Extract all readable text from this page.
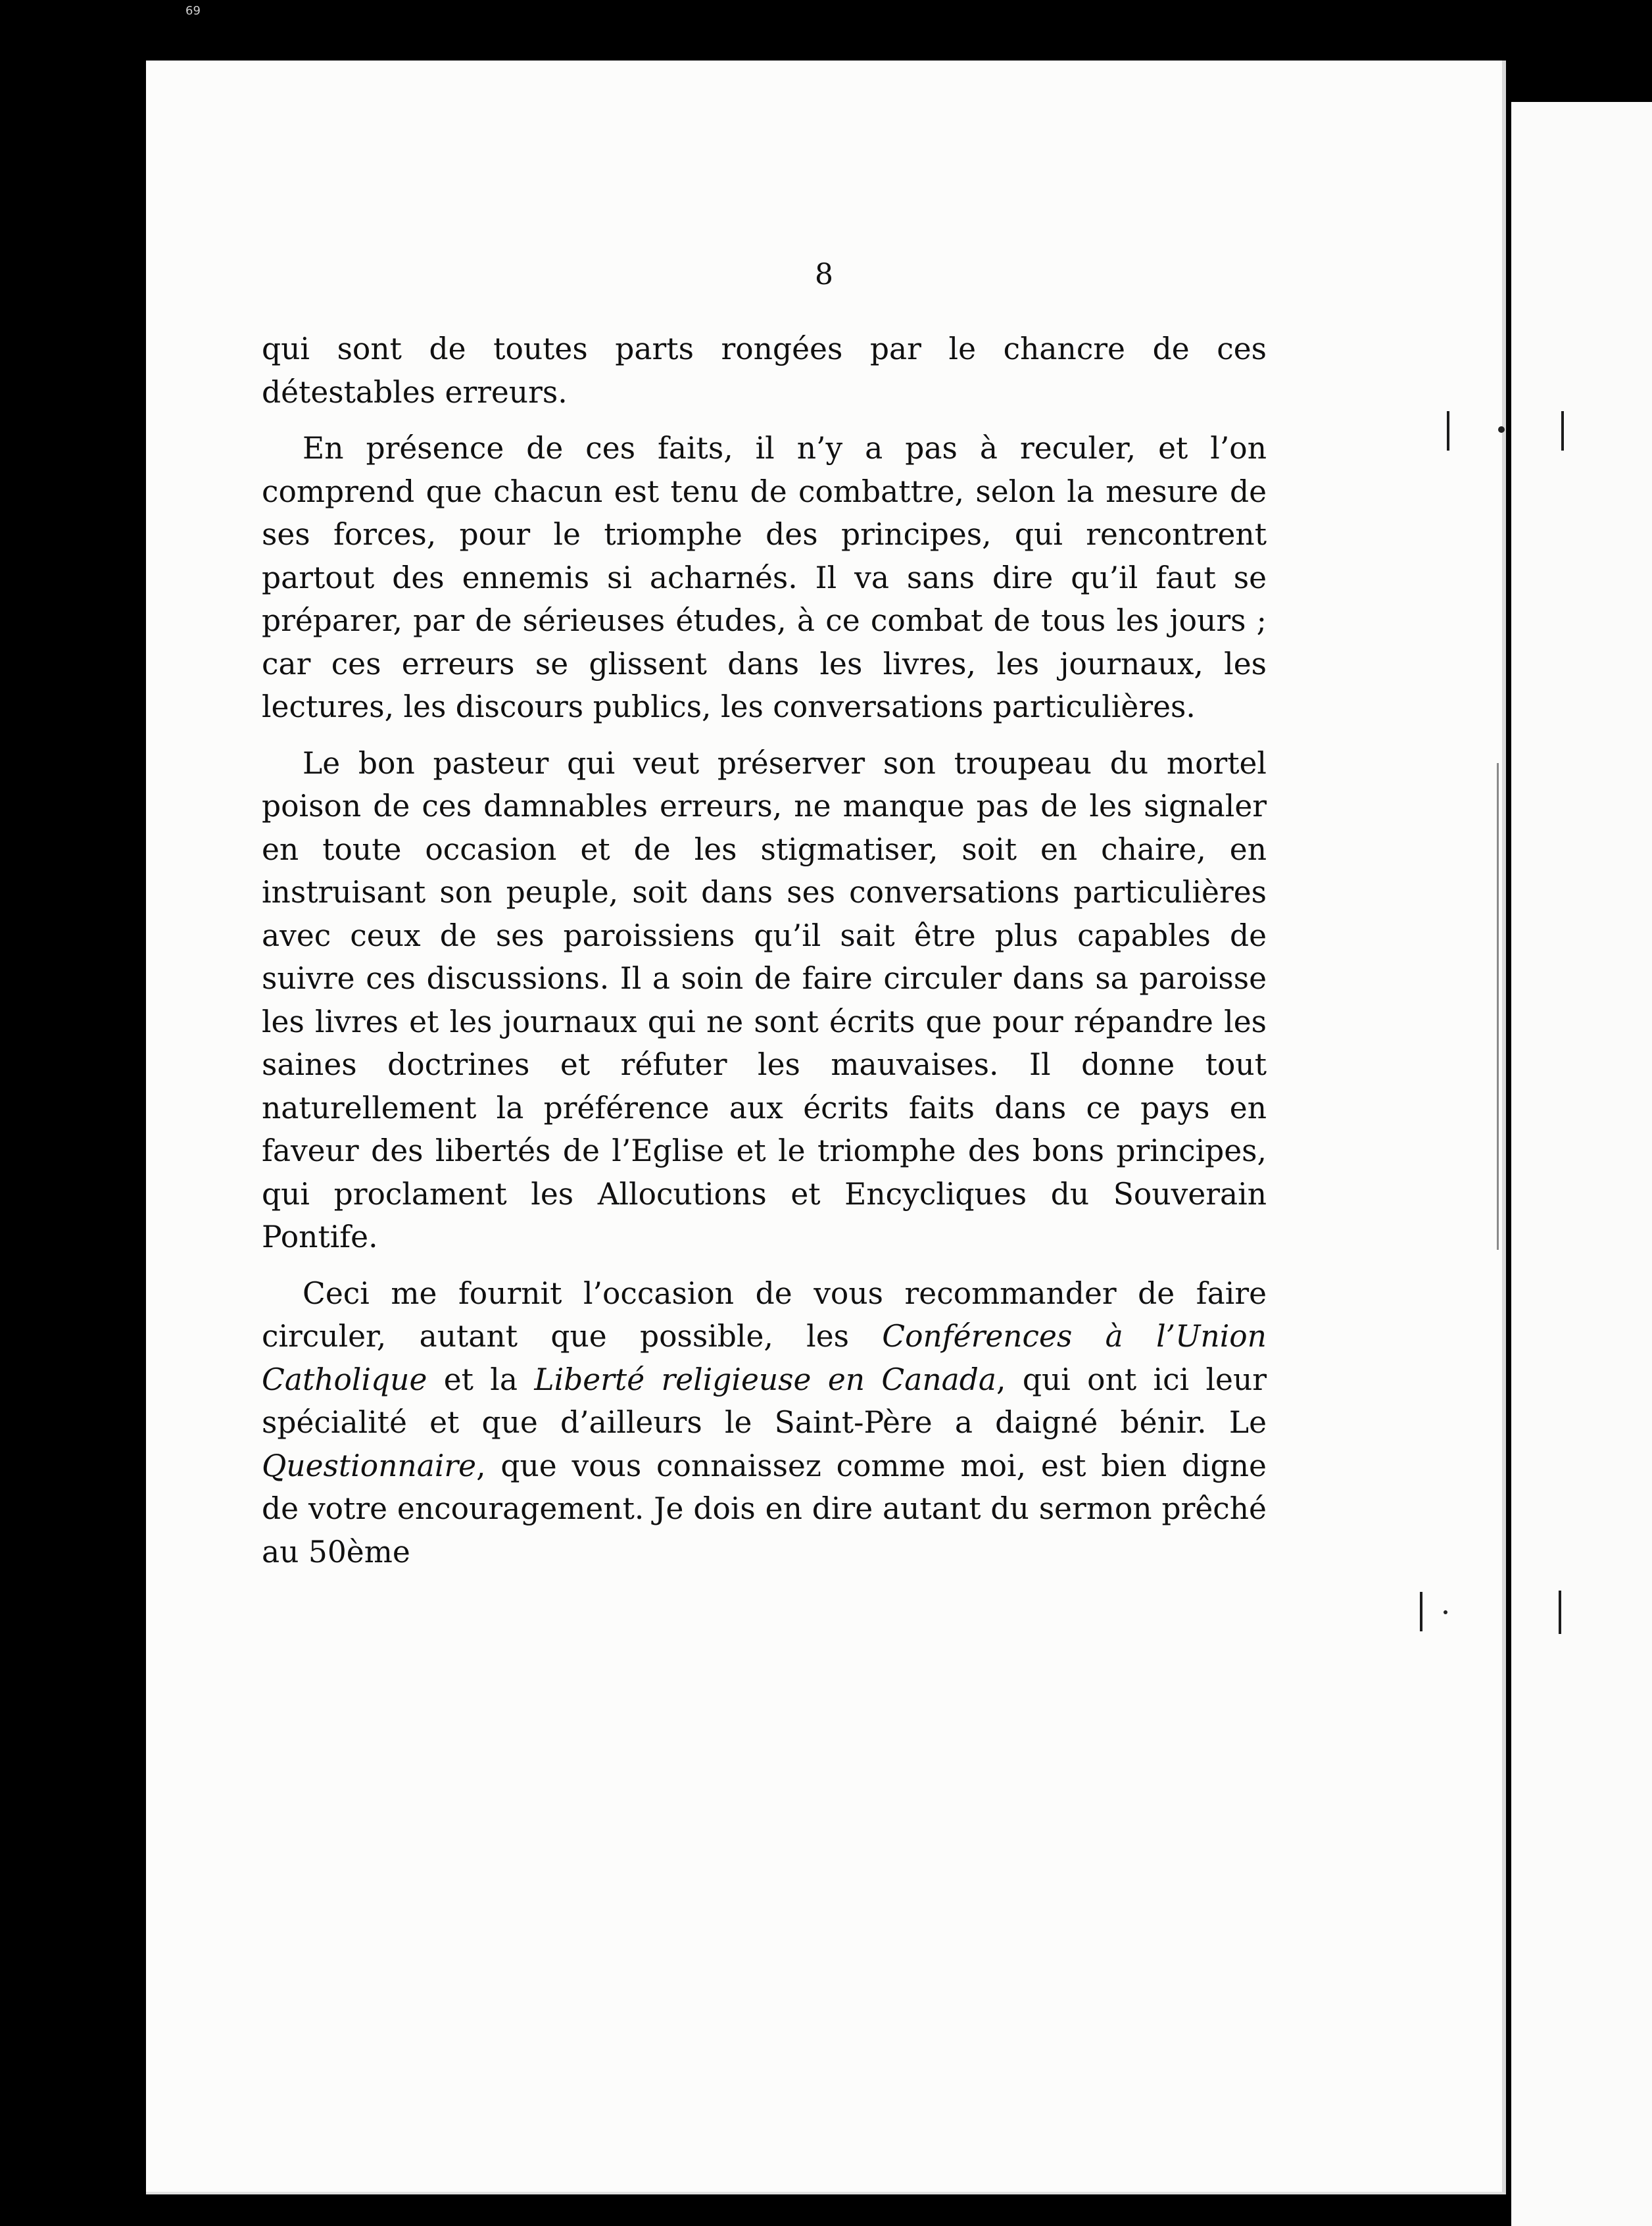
69
8

qui sont de toutes parts rongées par le chancre de ces détestables erreurs.

En présence de ces faits, il n’y a pas à reculer, et l’on comprend que chacun est tenu de combattre, selon la mesure de ses forces, pour le triomphe des principes, qui rencontrent partout des ennemis si acharnés. Il va sans dire qu’il faut se préparer, par de sérieuses études, à ce combat de tous les jours ; car ces erreurs se glissent dans les livres, les journaux, les lectures, les discours publics, les conversations particulières.

Le bon pasteur qui veut préserver son troupeau du mortel poison de ces damnables erreurs, ne manque pas de les signaler en toute occasion et de les stigmatiser, soit en chaire, en instruisant son peuple, soit dans ses conversations particulières avec ceux de ses paroissiens qu’il sait être plus capables de suivre ces discussions. Il a soin de faire circuler dans sa paroisse les livres et les journaux qui ne sont écrits que pour répandre les saines doctrines et réfuter les mauvaises. Il donne tout naturellement la préférence aux écrits faits dans ce pays en faveur des libertés de l’Eglise et le triomphe des bons principes, qui proclament les Allocutions et Encycliques du Souverain Pontife.

Ceci me fournit l’occasion de vous recommander de faire circuler, autant que possible, les Conférences à l’Union Catholique et la Liberté religieuse en Canada, qui ont ici leur spécialité et que d’ailleurs le Saint-Père a daigné bénir. Le Questionnaire, que vous connaissez comme moi, est bien digne de votre encouragement. Je dois en dire autant du sermon prêché au 50ème
